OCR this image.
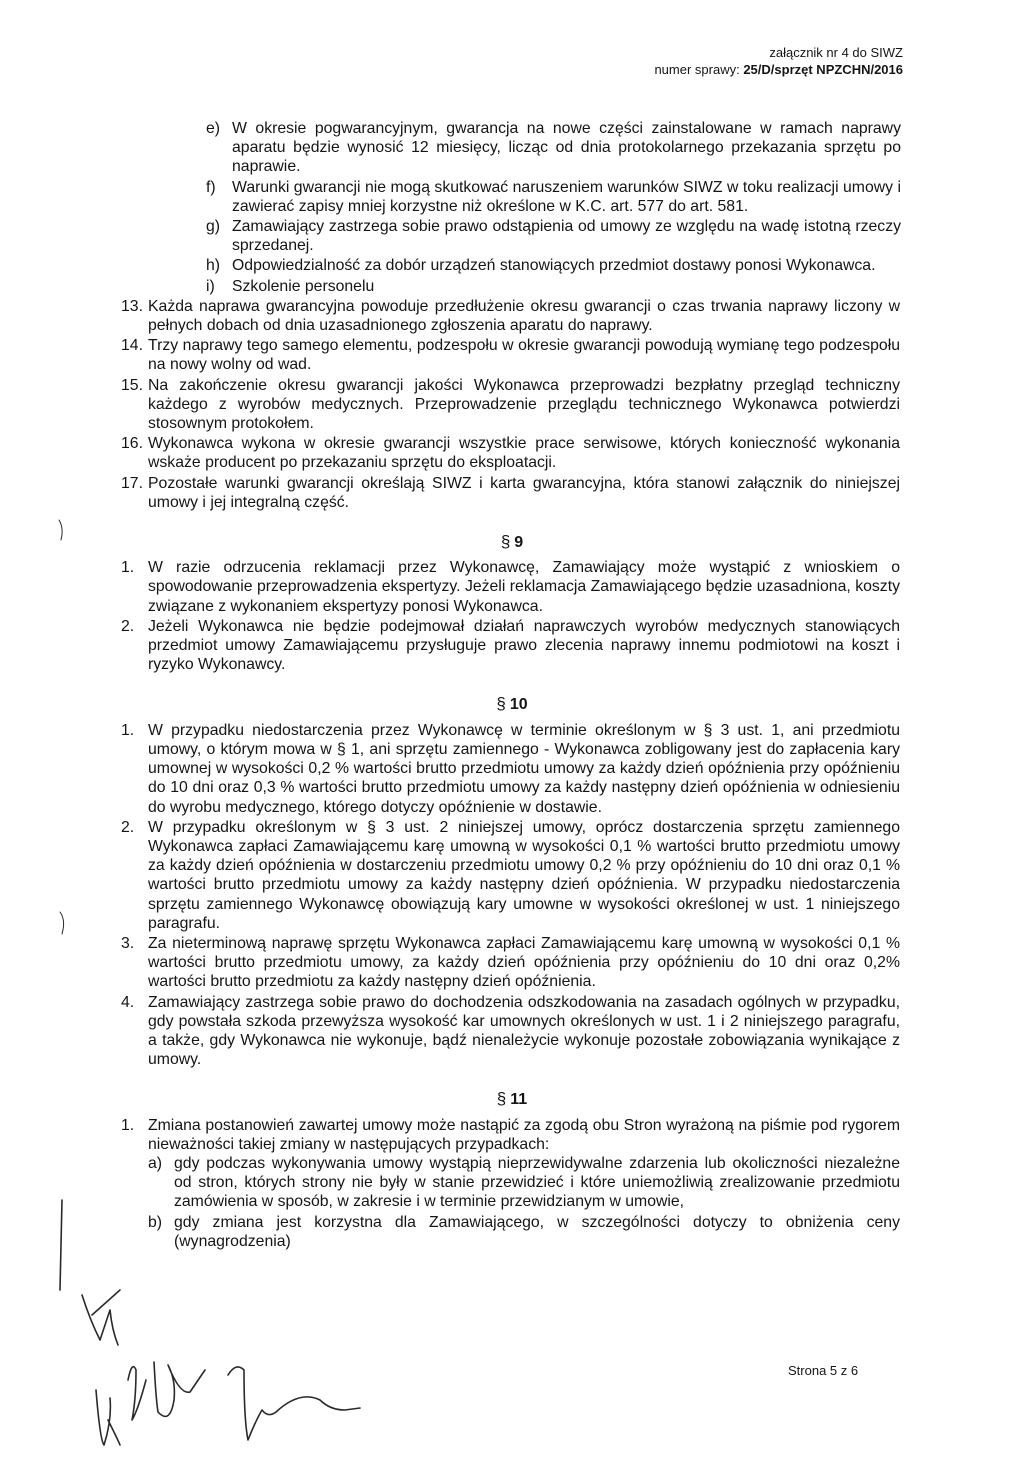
załącznik nr 4 do SIWZ
numer sprawy: 25/D/sprzęt NPZCHN/2016
e) W okresie pogwarancyjnym, gwarancja na nowe części zainstalowane w ramach naprawy aparatu będzie wynosić 12 miesięcy, licząc od dnia protokolarnego przekazania sprzętu po naprawie.
f) Warunki gwarancji nie mogą skutkować naruszeniem warunków SIWZ w toku realizacji umowy i zawierać zapisy mniej korzystne niż określone w K.C. art. 577 do art. 581.
g) Zamawiający zastrzega sobie prawo odstąpienia od umowy ze względu na wadę istotną rzeczy sprzedanej.
h) Odpowiedzialność za dobór urządzeń stanowiących przedmiot dostawy ponosi Wykonawca.
i) Szkolenie personelu
13. Każda naprawa gwarancyjna powoduje przedłużenie okresu gwarancji o czas trwania naprawy liczony w pełnych dobach od dnia uzasadnionego zgłoszenia aparatu do naprawy.
14. Trzy naprawy tego samego elementu, podzespołu w okresie gwarancji powodują wymianę tego podzespołu na nowy wolny od wad.
15. Na zakończenie okresu gwarancji jakości Wykonawca przeprowadzi bezpłatny przegląd techniczny każdego z wyrobów medycznych. Przeprowadzenie przeglądu technicznego Wykonawca potwierdzi stosownym protokołem.
16. Wykonawca wykona w okresie gwarancji wszystkie prace serwisowe, których konieczność wykonania wskaże producent po przekazaniu sprzętu do eksploatacji.
17. Pozostałe warunki gwarancji określają SIWZ i karta gwarancyjna, która stanowi załącznik do niniejszej umowy i jej integralną część.
§ 9
1. W razie odrzucenia reklamacji przez Wykonawcę, Zamawiający może wystąpić z wnioskiem o spowodowanie przeprowadzenia ekspertyzy. Jeżeli reklamacja Zamawiającego będzie uzasadniona, koszty związane z wykonaniem ekspertyzy ponosi Wykonawca.
2. Jeżeli Wykonawca nie będzie podejmował działań naprawczych wyrobów medycznych stanowiących przedmiot umowy Zamawiającemu przysługuje prawo zlecenia naprawy innemu podmiotowi na koszt i ryzyko Wykonawcy.
§ 10
1. W przypadku niedostarczenia przez Wykonawcę w terminie określonym w § 3 ust. 1, ani przedmiotu umowy, o którym mowa w § 1, ani sprzętu zamiennego - Wykonawca zobligowany jest do zapłacenia kary umownej w wysokości 0,2 % wartości brutto przedmiotu umowy za każdy dzień opóźnienia przy opóźnieniu do 10 dni oraz 0,3 % wartości brutto przedmiotu umowy za każdy następny dzień opóźnienia w odniesieniu do wyrobu medycznego, którego dotyczy opóźnienie w dostawie.
2. W przypadku określonym w § 3 ust. 2 niniejszej umowy, oprócz dostarczenia sprzętu zamiennego Wykonawca zapłaci Zamawiającemu karę umowną w wysokości 0,1 % wartości brutto przedmiotu umowy za każdy dzień opóźnienia w dostarczeniu przedmiotu umowy 0,2 % przy opóźnieniu do 10 dni oraz 0,1 % wartości brutto przedmiotu umowy za każdy następny dzień opóźnienia. W przypadku niedostarczenia sprzętu zamiennego Wykonawcę obowiązują kary umowne w wysokości określonej w ust. 1 niniejszego paragrafu.
3. Za nieterminową naprawę sprzętu Wykonawca zapłaci Zamawiającemu karę umowną w wysokości 0,1 % wartości brutto przedmiotu umowy, za każdy dzień opóźnienia przy opóźnieniu do 10 dni oraz 0,2% wartości brutto przedmiotu za każdy następny dzień opóźnienia.
4. Zamawiający zastrzega sobie prawo do dochodzenia odszkodowania na zasadach ogólnych w przypadku, gdy powstała szkoda przewyższa wysokość kar umownych określonych w ust. 1 i 2 niniejszego paragrafu, a także, gdy Wykonawca nie wykonuje, bądź nienależycie wykonuje pozostałe zobowiązania wynikające z umowy.
§ 11
1. Zmiana postanowień zawartej umowy może nastąpić za zgodą obu Stron wyrażoną na piśmie pod rygorem nieważności takiej zmiany w następujących przypadkach:
a) gdy podczas wykonywania umowy wystąpią nieprzewidywalne zdarzenia lub okoliczności niezależne od stron, których strony nie były w stanie przewidzieć i które uniemożliwią zrealizowanie przedmiotu zamówienia w sposób, w zakresie i w terminie przewidzianym w umowie,
b) gdy zmiana jest korzystna dla Zamawiającego, w szczególności dotyczy to obniżenia ceny (wynagrodzenia)
Strona 5 z 6
